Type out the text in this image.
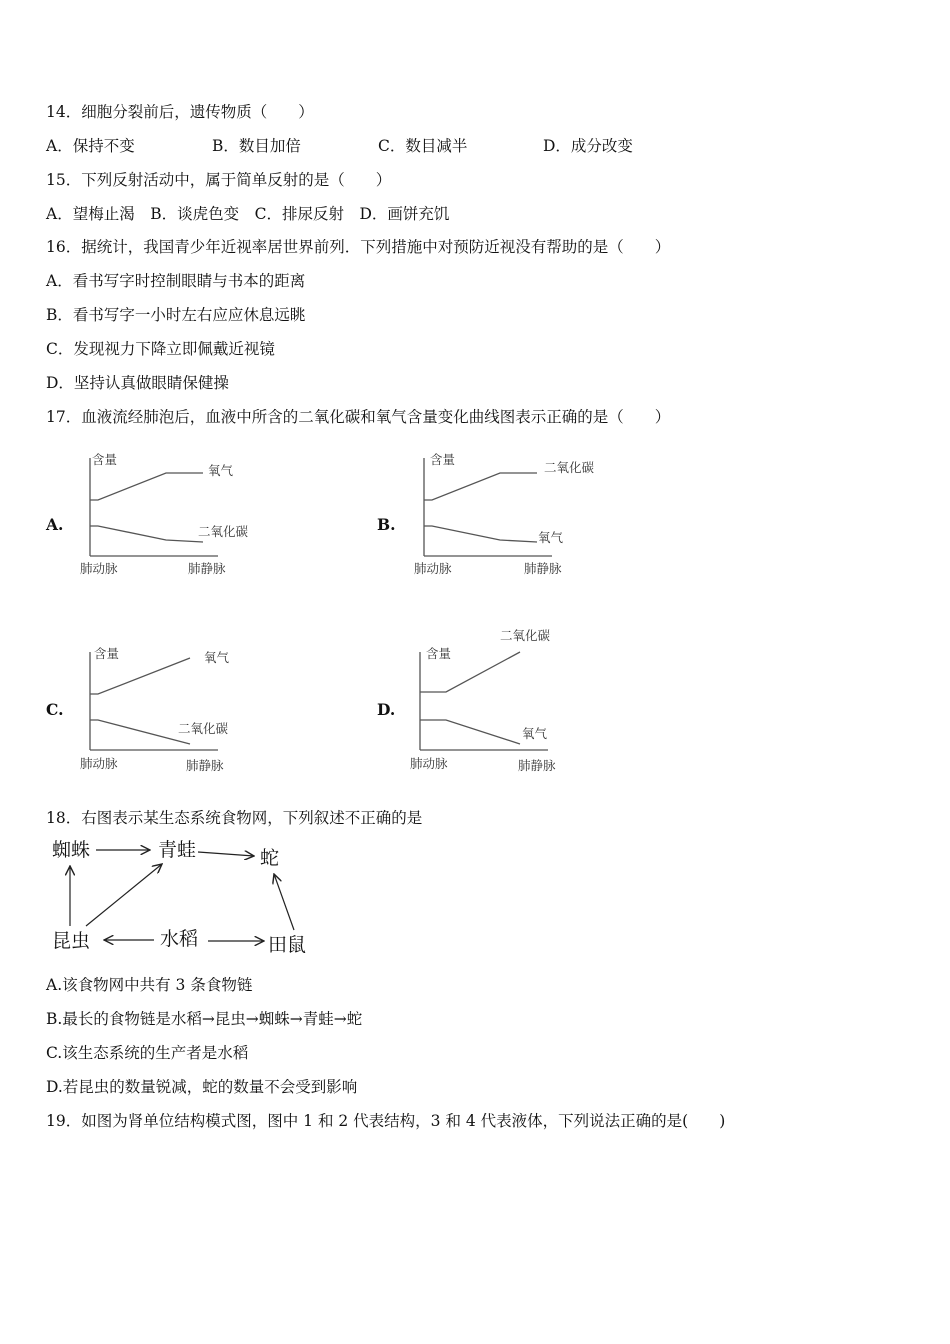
14．细胞分裂前后，遗传物质（　　）
A．保持不变	B．数目加倍	C．数目减半	D．成分改变
15．下列反射活动中，属于简单反射的是（　　）
A．望梅止渴　B．谈虎色变　C．排尿反射　D．画饼充饥
16．据统计，我国青少年近视率居世界前列．下列措施中对预防近视没有帮助的是（　　）
A．看书写字时控制眼睛与书本的距离
B．看书写字一小时左右应应休息远眺
C．发现视力下降立即佩戴近视镜
D．坚持认真做眼睛保健操
17．血液流经肺泡后，血液中所含的二氧化碳和氧气含量变化曲线图表示正确的是（　　）
A.
含量
氧气
二氧化碳
肺动脉	肺静脉
B.
含量
二氧化碳
氧气
肺动脉	肺静脉
C.
含量	氧气
二氧化碳
肺动脉	肺静脉
D.
含量
二氧化碳
氧气
肺动脉	肺静脉
18．右图表示某生态系统食物网，下列叙述不正确的是
蜘蛛	青蛙	蛇
昆虫	水稻	田鼠
A.该食物网中共有 3 条食物链
B.最长的食物链是水稻→昆虫→蜘蛛→青蛙→蛇
C.该生态系统的生产者是水稻
D.若昆虫的数量锐减，蛇的数量不会受到影响
19．如图为肾单位结构模式图，图中 1 和 2 代表结构，3 和 4 代表液体，下列说法正确的是(　　)
